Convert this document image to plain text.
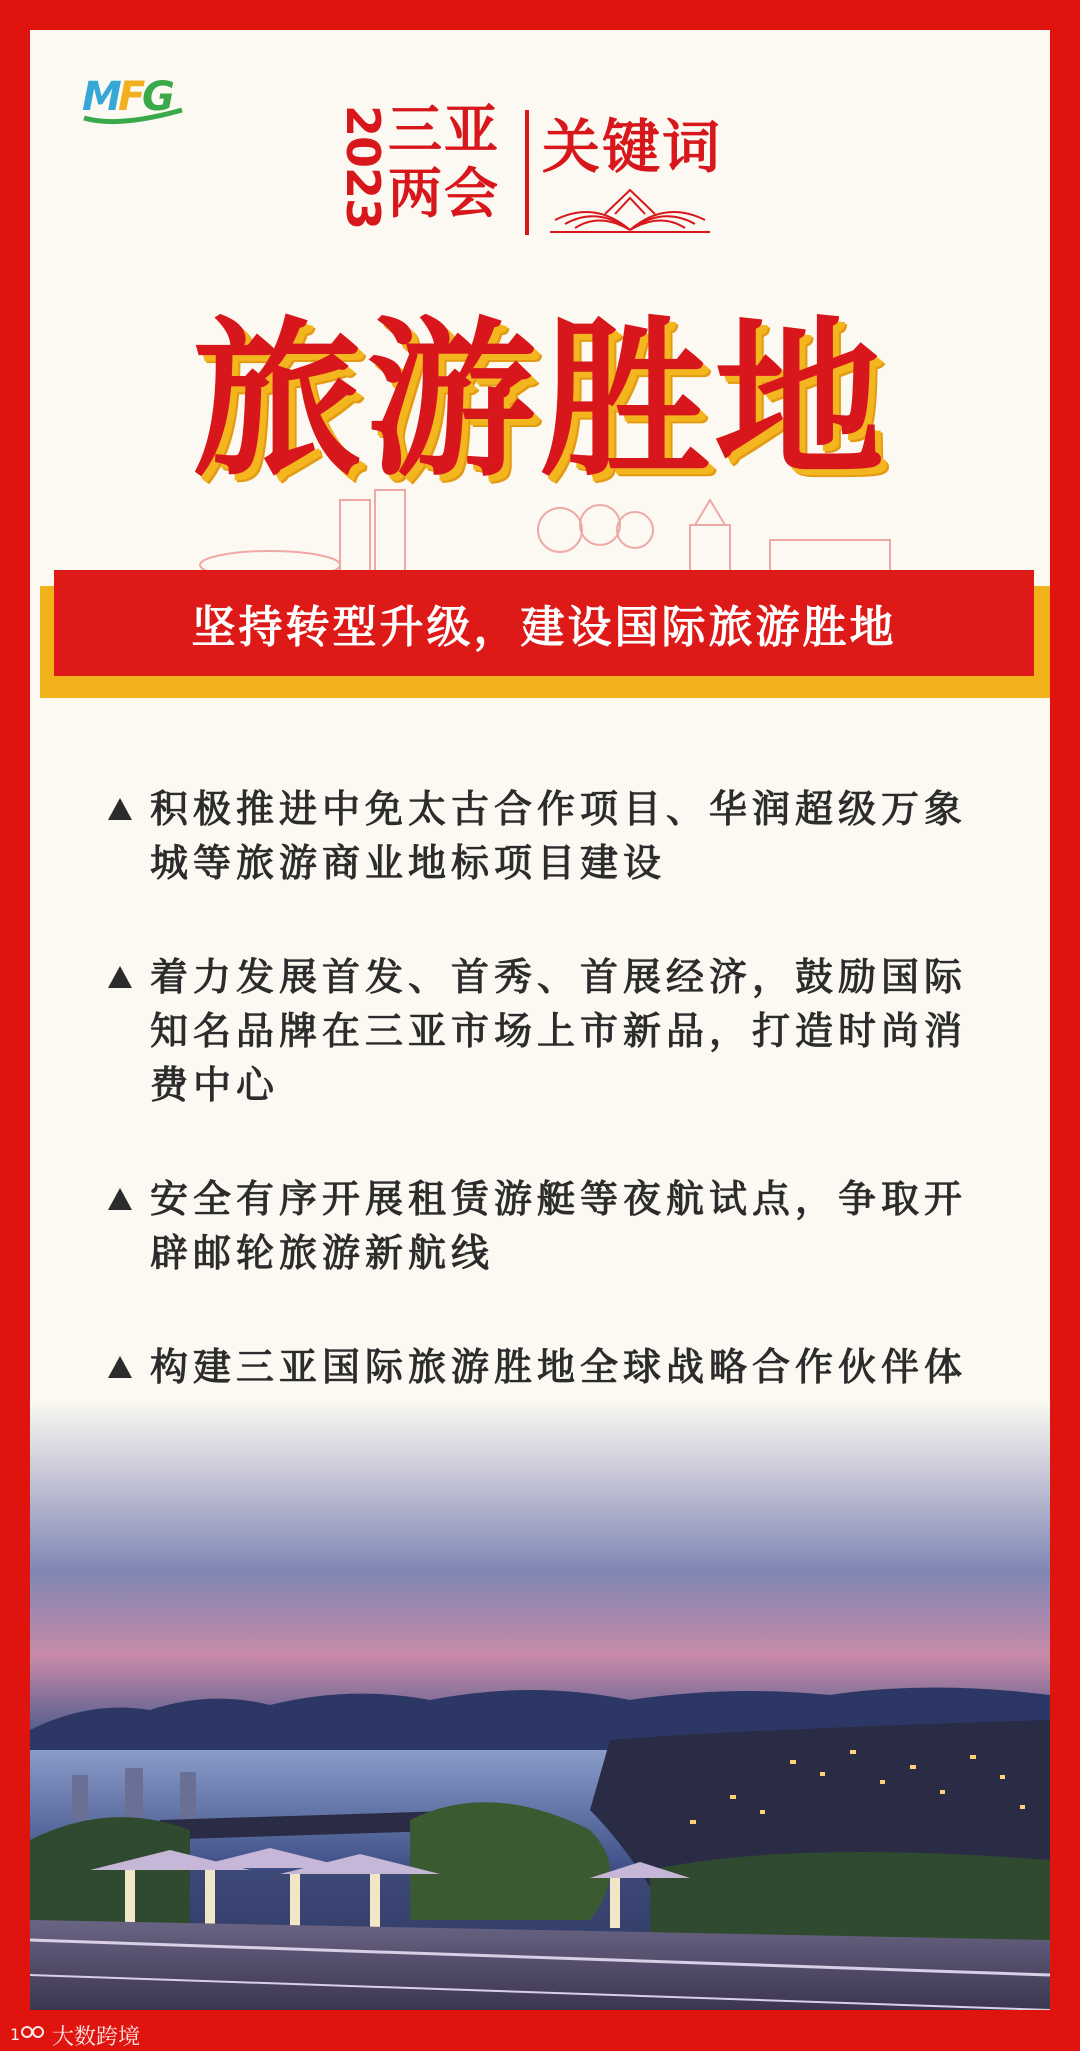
M
F
G
2023
三亚
两会
关键词
旅游胜地
坚持转型升级，建设国际旅游胜地
积极推进中免太古合作项目、华润超级万象城等旅游商业地标项目建设
着力发展首发、首秀、首展经济，鼓励国际知名品牌在三亚市场上市新品，打造时尚消费中心
安全有序开展租赁游艇等夜航试点，争取开辟邮轮旅游新航线
构建三亚国际旅游胜地全球战略合作伙伴体
1 大数跨境
